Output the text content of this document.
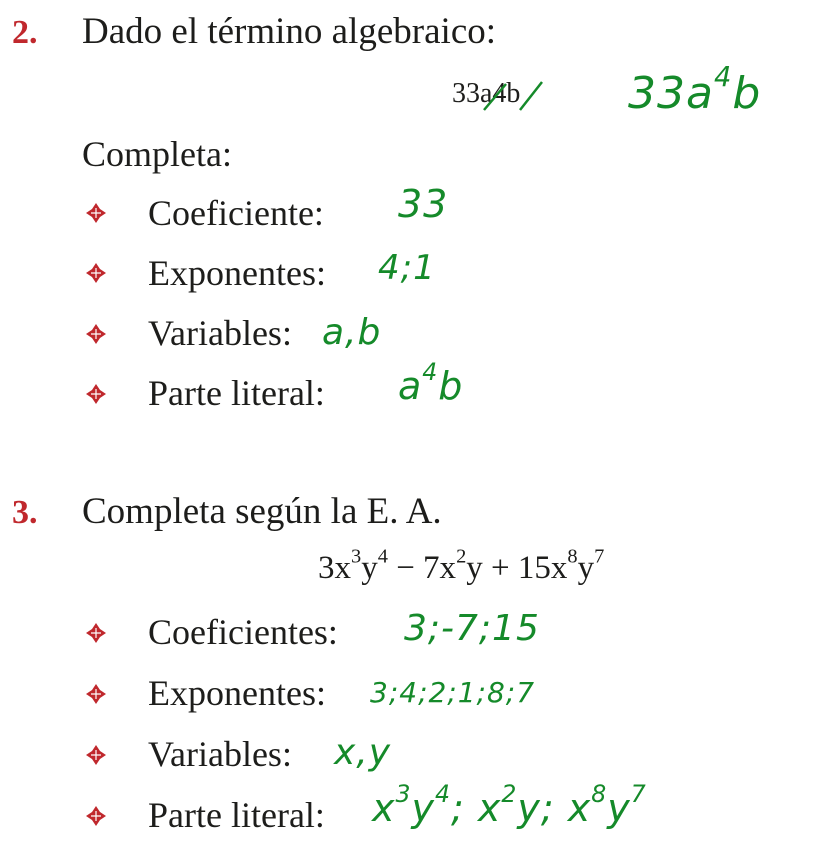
2. Dado el término algebraico:
33a4b $33a^4b$
Completa:
Coeficiente: 33
Exponentes: 4;1
Variables: a,b
Parte literal: $a^4b$
3. Completa según la E. A.
$3x^3y^4 - 7x^2y + 15x^8y^7$
Coeficientes: 3;-7;15
Exponentes: 3;4;2;1;8;7
Variables: x,y
Parte literal: $x^3y^4$; $x^2y$; $x^8y^7$
